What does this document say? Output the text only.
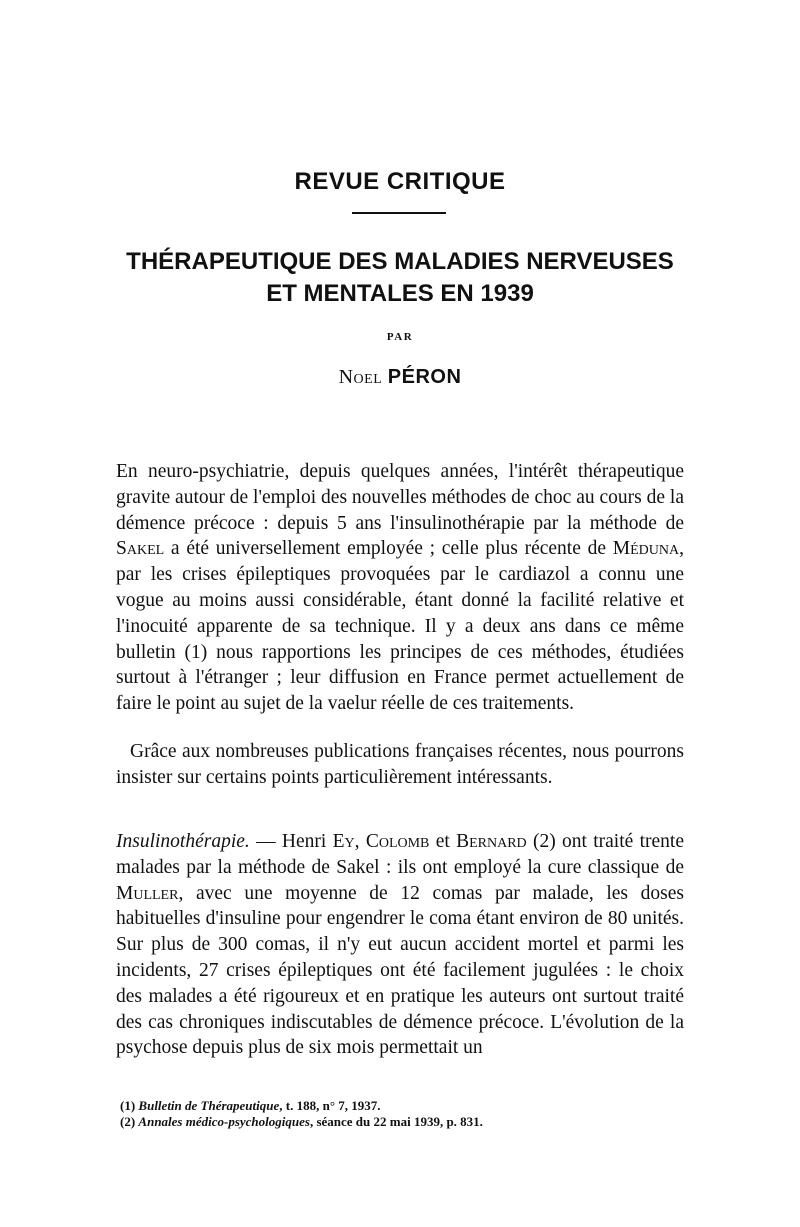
REVUE CRITIQUE
THÉRAPEUTIQUE DES MALADIES NERVEUSES
ET MENTALES EN 1939
PAR
Noel PÉRON

En neuro-psychiatrie, depuis quelques années, l'intérêt thérapeutique gravite autour de l'emploi des nouvelles méthodes de choc au cours de la démence précoce : depuis 5 ans l'insulinothérapie par la méthode de Sakel a été universellement employée ; celle plus récente de Méduna, par les crises épileptiques provoquées par le cardiazol a connu une vogue au moins aussi considérable, étant donné la facilité relative et l'inocuité apparente de sa technique. Il y a deux ans dans ce même bulletin (1) nous rapportions les principes de ces méthodes, étudiées surtout à l'étranger ; leur diffusion en France permet actuellement de faire le point au sujet de la vaelur réelle de ces traitements.

Grâce aux nombreuses publications françaises récentes, nous pourrons insister sur certains points particulièrement intéressants.

Insulinothérapie. — Henri Ey, Colomb et Bernard (2) ont traité trente malades par la méthode de Sakel : ils ont employé la cure classique de Muller, avec une moyenne de 12 comas par malade, les doses habituelles d'insuline pour engendrer le coma étant environ de 80 unités. Sur plus de 300 comas, il n'y eut aucun accident mortel et parmi les incidents, 27 crises épileptiques ont été facilement jugulées : le choix des malades a été rigoureux et en pratique les auteurs ont surtout traité des cas chroniques indiscutables de démence précoce. L'évolution de la psychose depuis plus de six mois permettait un

(1) Bulletin de Thérapeutique, t. 188, n° 7, 1937.
(2) Annales médico-psychologiques, séance du 22 mai 1939, p. 831.
